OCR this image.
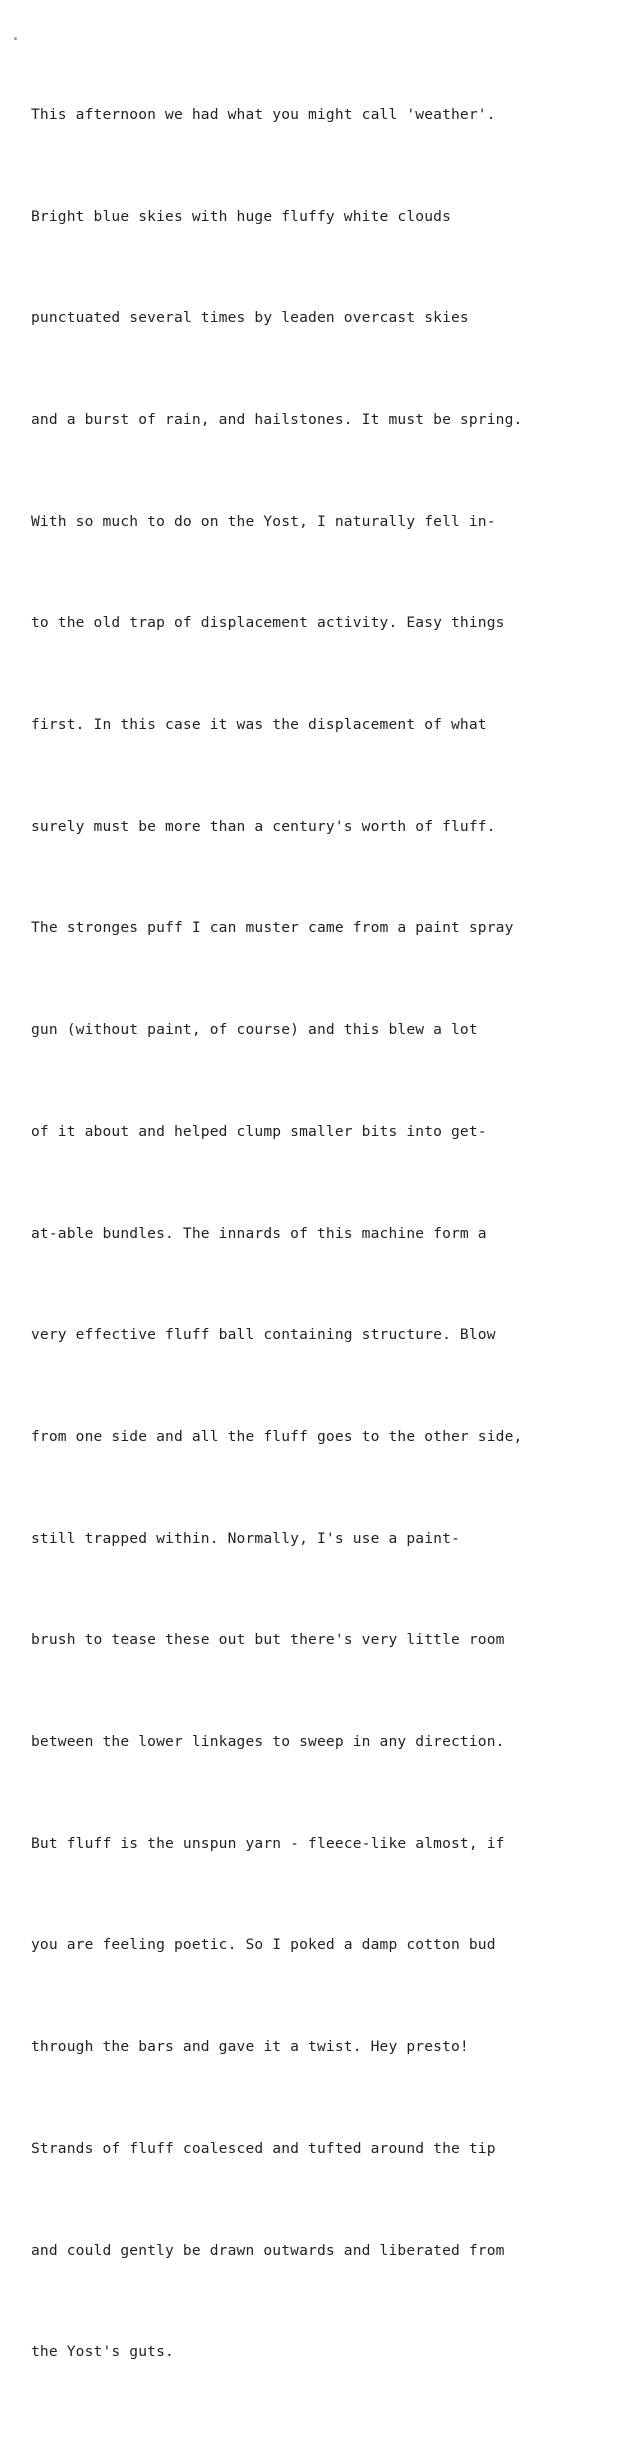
This afternoon we had what you might call 'weather'.

Bright blue skies with huge fluffy white clouds

punctuated several times by leaden overcast skies

and a burst of rain, and hailstones. It must be spring.

With so much to do on the Yost, I naturally fell in-

to the old trap of displacement activity. Easy things

first. In this case it was the displacement of what

surely must be more than a century's worth of fluff.

The stronges puff I can muster came from a paint spray

gun (without paint, of course) and this blew a lot

of it about and helped clump smaller bits into get-

at-able bundles. The innards of this machine form a

very effective fluff ball containing structure. Blow

from one side and all the fluff goes to the other side,

still trapped within. Normally, I's use a paint-

brush to tease these out but there's very little room

between the lower linkages to sweep in any direction.

But fluff is the unspun yarn - fleece-like almost, if

you are feeling poetic. So I poked a damp cotton bud

through the bars and gave it a twist. Hey presto!

Strands of fluff coalesced and tufted around the tip

and could gently be drawn outwards and liberated from

the Yost's guts.
